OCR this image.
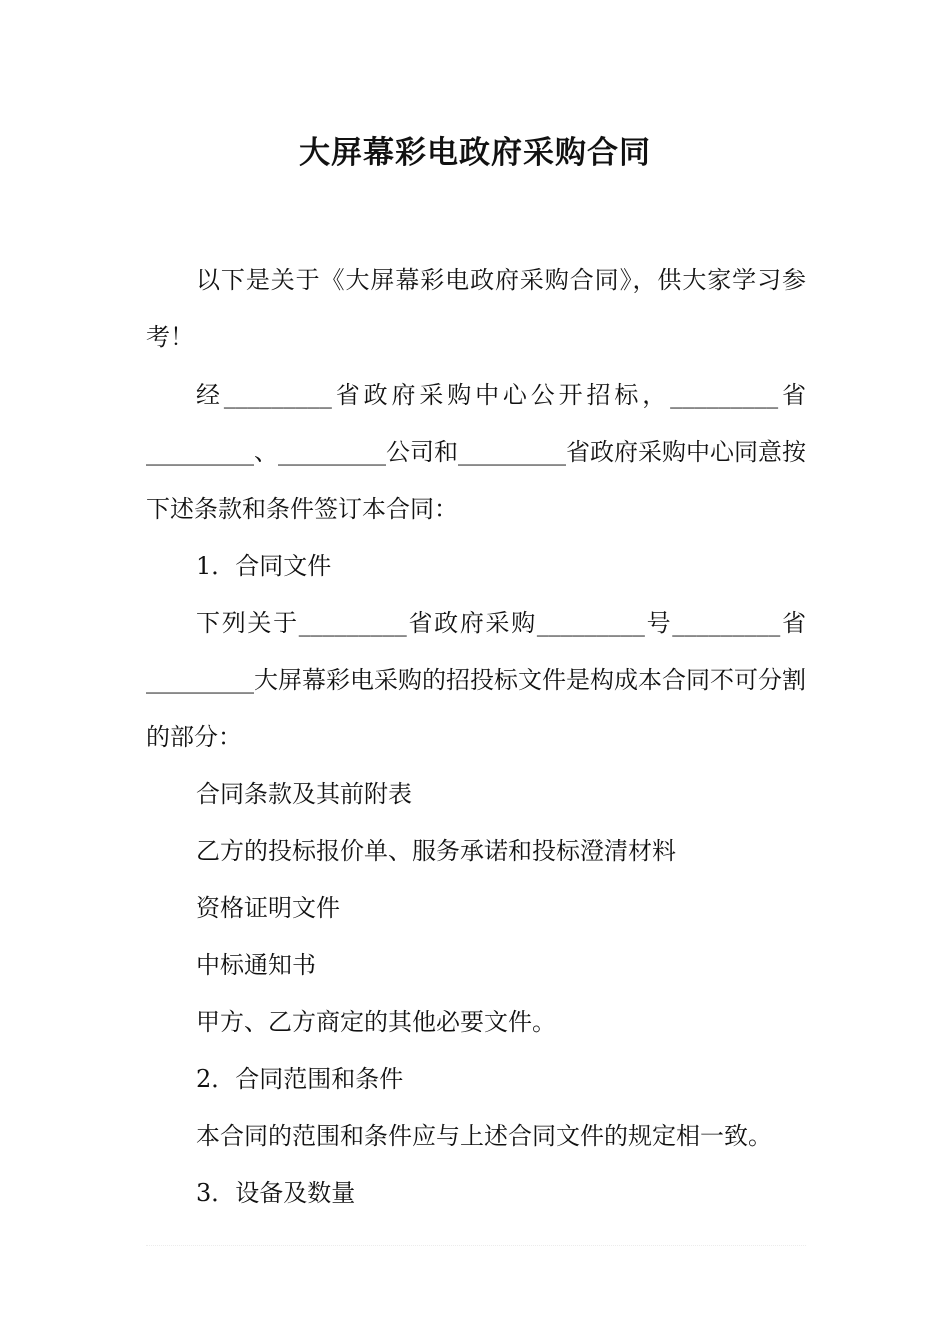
大屏幕彩电政府采购合同

以下是关于《大屏幕彩电政府采购合同》，供大家学习参考！

经_________省政府采购中心公开招标，_________省_________、_________公司和_________省政府采购中心同意按下述条款和条件签订本合同：

1．合同文件

下列关于_________省政府采购_________号_________省_________大屏幕彩电采购的招投标文件是构成本合同不可分割的部分：

合同条款及其前附表
乙方的投标报价单、服务承诺和投标澄清材料
资格证明文件
中标通知书
甲方、乙方商定的其他必要文件。
2．合同范围和条件
本合同的范围和条件应与上述合同文件的规定相一致。
3．设备及数量
